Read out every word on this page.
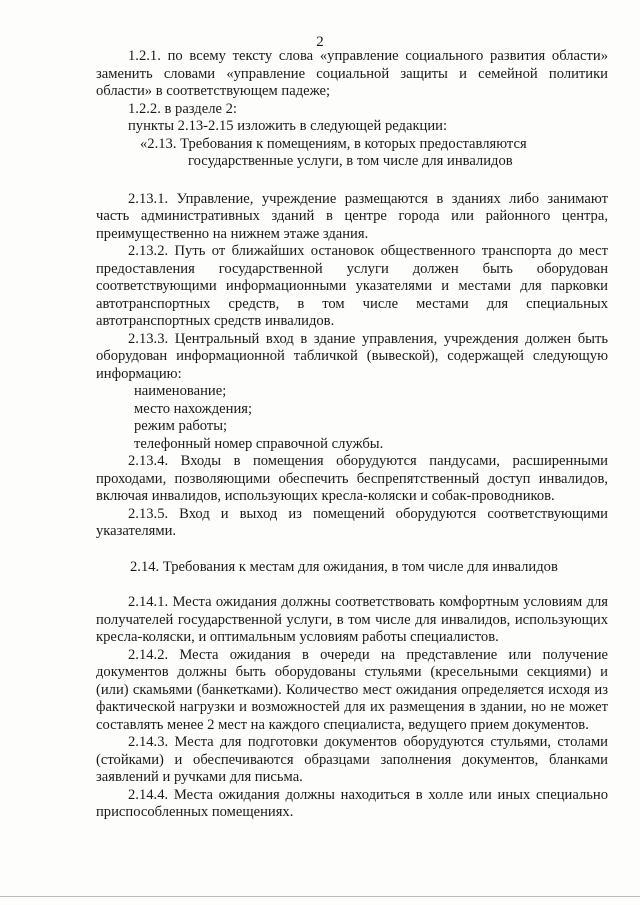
2
1.2.1. по всему тексту слова «управление социального развития области» заменить словами «управление социальной защиты и семейной политики области» в соответствующем падеже;
1.2.2. в разделе 2:
пункты 2.13-2.15 изложить в следующей редакции:
«2.13. Требования к помещениям, в которых предоставляются
государственные услуги, в том числе для инвалидов
2.13.1. Управление, учреждение размещаются в зданиях либо занимают часть административных зданий в центре города или районного центра, преимущественно на нижнем этаже здания.
2.13.2. Путь от ближайших остановок общественного транспорта до мест предоставления государственной услуги должен быть оборудован соответствующими информационными указателями и местами для парковки автотранспортных средств, в том числе местами для специальных автотранспортных средств инвалидов.
2.13.3. Центральный вход в здание управления, учреждения должен быть оборудован информационной табличкой (вывеской), содержащей следующую информацию:
наименование;
место нахождения;
режим работы;
телефонный номер справочной службы.
2.13.4. Входы в помещения оборудуются пандусами, расширенными проходами, позволяющими обеспечить беспрепятственный доступ инвалидов, включая инвалидов, использующих кресла-коляски и собак-проводников.
2.13.5. Вход и выход из помещений оборудуются соответствующими указателями.
2.14. Требования к местам для ожидания, в том числе для инвалидов
2.14.1. Места ожидания должны соответствовать комфортным условиям для получателей государственной услуги, в том числе для инвалидов, использующих кресла-коляски, и оптимальным условиям работы специалистов.
2.14.2. Места ожидания в очереди на представление или получение документов должны быть оборудованы стульями (кресельными секциями) и (или) скамьями (банкетками). Количество мест ожидания определяется исходя из фактической нагрузки и возможностей для их размещения в здании, но не может составлять менее 2 мест на каждого специалиста, ведущего прием документов.
2.14.3. Места для подготовки документов оборудуются стульями, столами (стойками) и обеспечиваются образцами заполнения документов, бланками заявлений и ручками для письма.
2.14.4. Места ожидания должны находиться в холле или иных специально приспособленных помещениях.
